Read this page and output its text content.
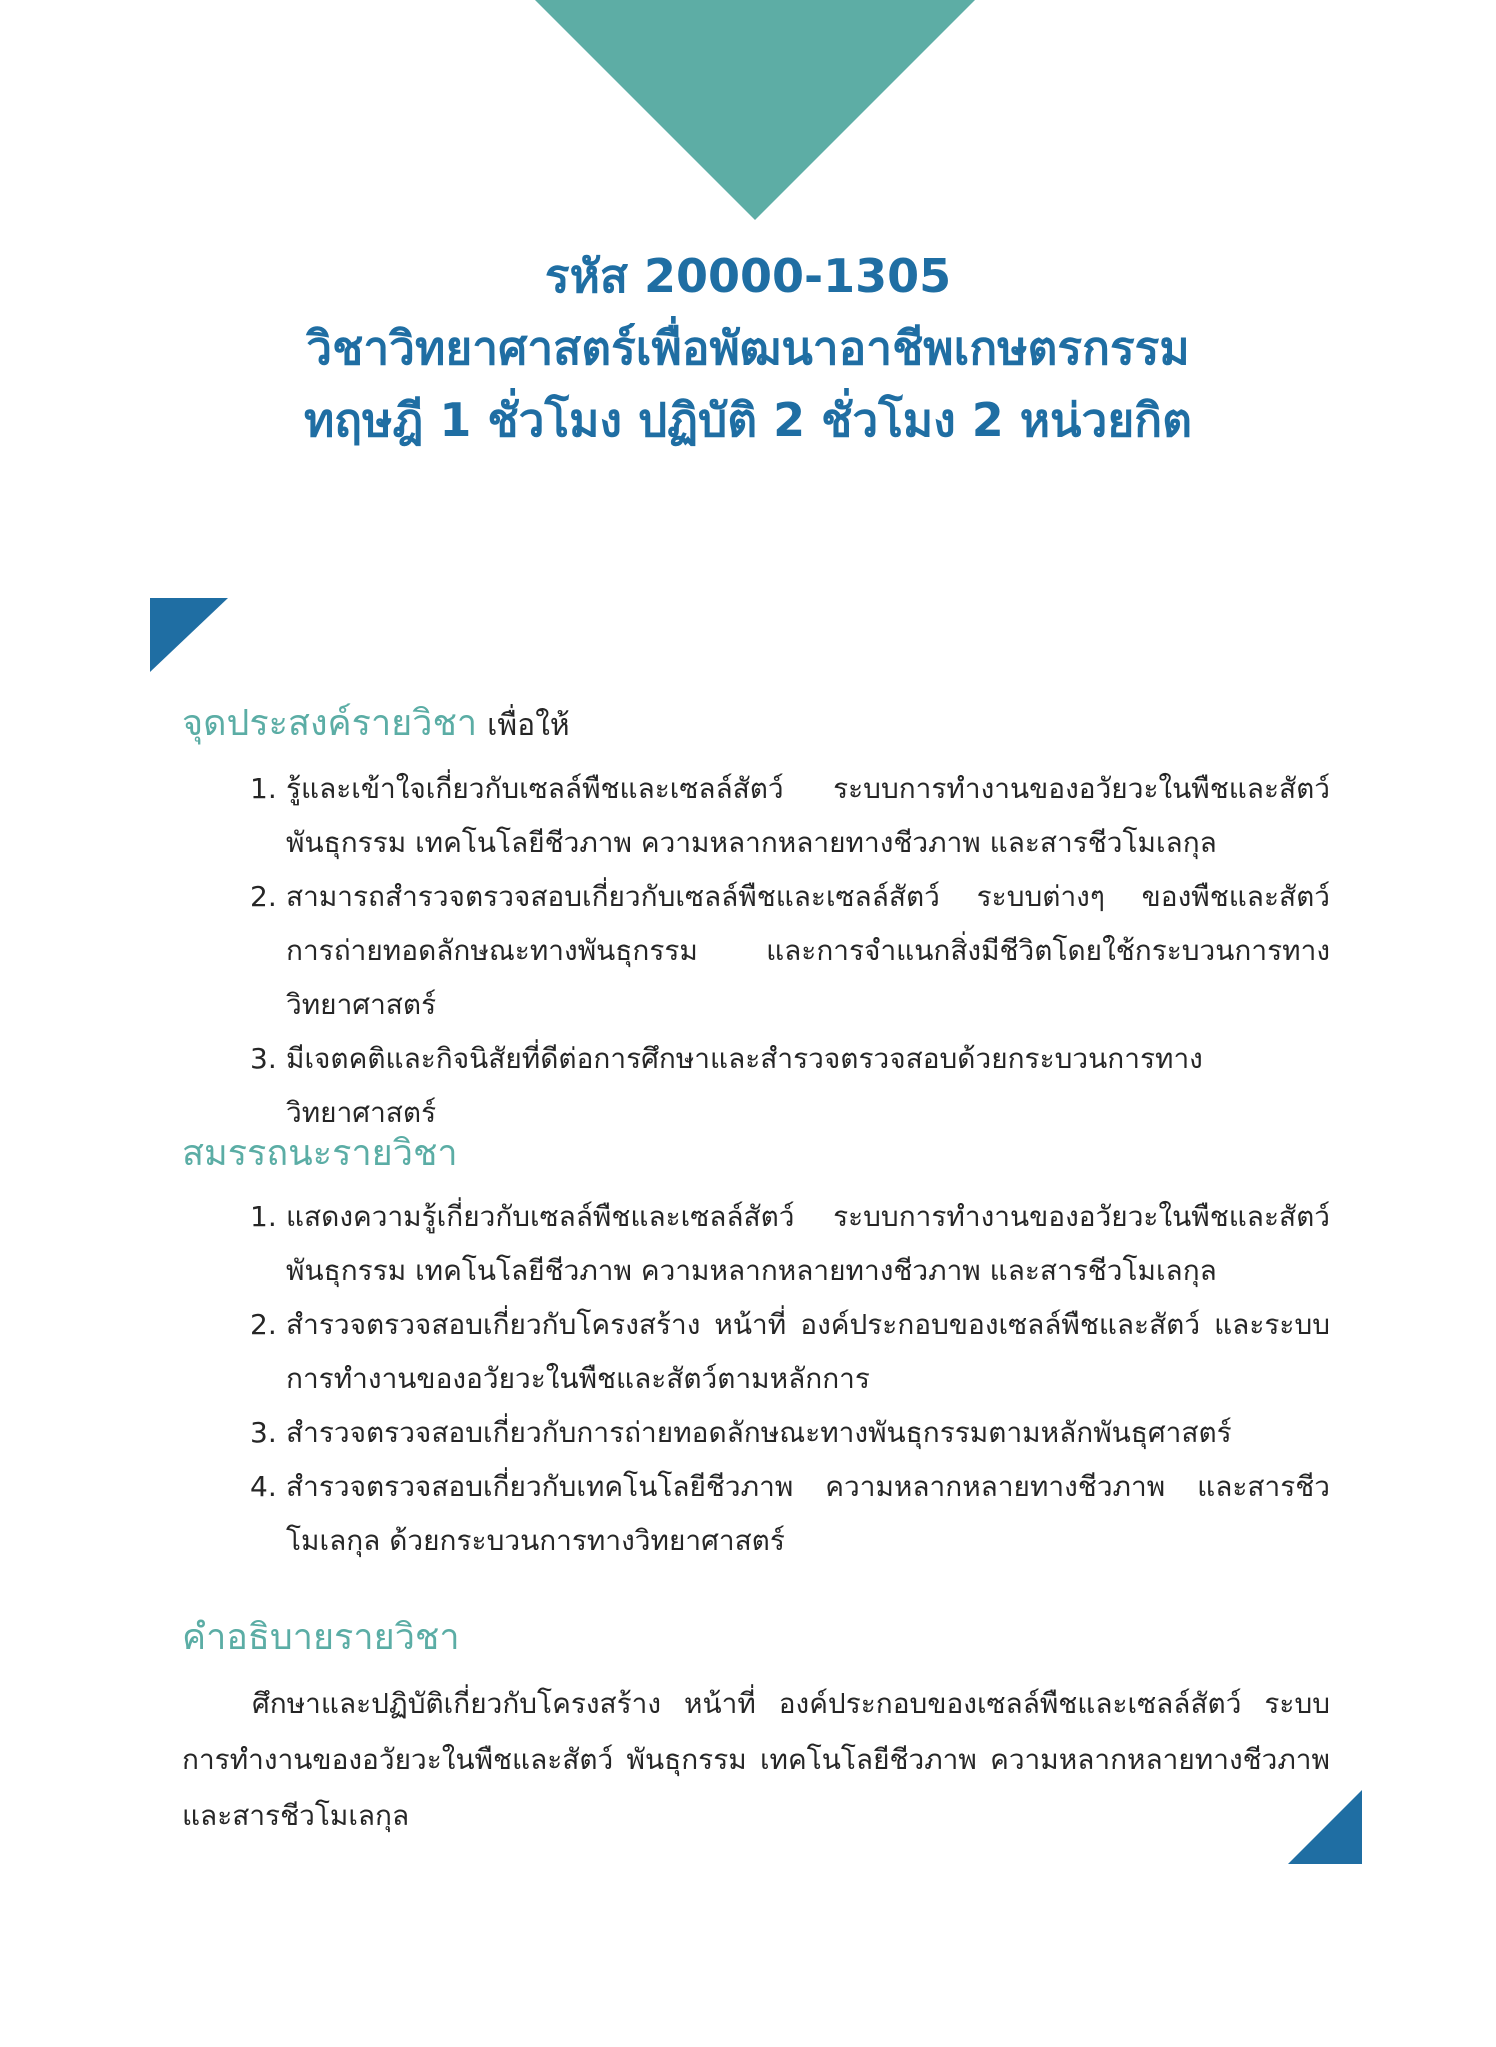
รหัส 20000-1305
วิชาวิทยาศาสตร์เพื่อพัฒนาอาชีพเกษตรกรรม
ทฤษฎี 1 ชั่วโมง ปฏิบัติ 2 ชั่วโมง 2 หน่วยกิต
จุดประสงค์รายวิชา เพื่อให้
1. รู้และเข้าใจเกี่ยวกับเซลล์พืชและเซลล์สัตว์ ระบบการทำงานของอวัยวะในพืชและสัตว์ พันธุกรรม เทคโนโลยีชีวภาพ ความหลากหลายทางชีวภาพ และสารชีวโมเลกุล
2. สามารถสำรวจตรวจสอบเกี่ยวกับเซลล์พืชและเซลล์สัตว์ ระบบต่างๆ ของพืชและสัตว์ การถ่ายทอดลักษณะทางพันธุกรรม และการจำแนกสิ่งมีชีวิตโดยใช้กระบวนการทาง วิทยาศาสตร์
3. มีเจตคติและกิจนิสัยที่ดีต่อการศึกษาและสำรวจตรวจสอบด้วยกระบวนการทางวิทยาศาสตร์
สมรรถนะรายวิชา
1. แสดงความรู้เกี่ยวกับเซลล์พืชและเซลล์สัตว์ ระบบการทำงานของอวัยวะในพืชและสัตว์ พันธุกรรม เทคโนโลยีชีวภาพ ความหลากหลายทางชีวภาพ และสารชีวโมเลกุล
2. สำรวจตรวจสอบเกี่ยวกับโครงสร้าง หน้าที่ องค์ประกอบของเซลล์พืชและสัตว์ และระบบ การทำงานของอวัยวะในพืชและสัตว์ตามหลักการ
3. สำรวจตรวจสอบเกี่ยวกับการถ่ายทอดลักษณะทางพันธุกรรมตามหลักพันธุศาสตร์
4. สำรวจตรวจสอบเกี่ยวกับเทคโนโลยีชีวภาพ ความหลากหลายทางชีวภาพ และสารชีวโมเลกุล ด้วยกระบวนการทางวิทยาศาสตร์
คำอธิบายรายวิชา

ศึกษาและปฏิบัติเกี่ยวกับโครงสร้าง หน้าที่ องค์ประกอบของเซลล์พืชและเซลล์สัตว์ ระบบการทำงานของอวัยวะในพืชและสัตว์ พันธุกรรม เทคโนโลยีชีวภาพ ความหลากหลายทางชีวภาพ และสารชีวโมเลกุล
